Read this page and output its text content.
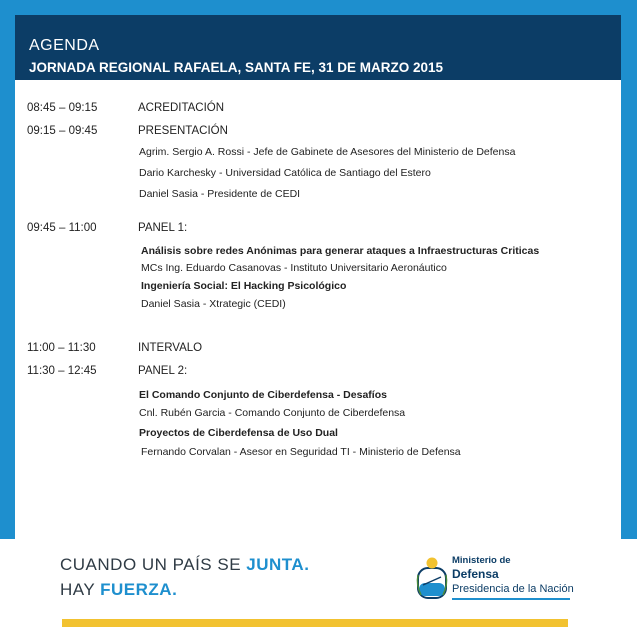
AGENDA
JORNADA REGIONAL RAFAELA, SANTA FE, 31 DE MARZO 2015
08:45 – 09:15	ACREDITACIÓN
09:15 – 09:45	PRESENTACIÓN
Agrim. Sergio A. Rossi - Jefe de Gabinete de Asesores del Ministerio de Defensa
Dario Karchesky - Universidad Católica de Santiago del Estero
Daniel Sasia - Presidente de CEDI
09:45 – 11:00	PANEL 1:
Análisis sobre redes Anónimas para generar ataques a Infraestructuras Criticas
MCs Ing. Eduardo Casanovas - Instituto Universitario Aeronáutico
Ingeniería Social: El Hacking Psicológico
Daniel Sasia - Xtrategic (CEDI)
11:00 – 11:30	INTERVALO
11:30 – 12:45	PANEL 2:
El Comando Conjunto de Ciberdefensa - Desafíos
Cnl. Rubén Garcia - Comando Conjunto de Ciberdefensa
Proyectos de Ciberdefensa de Uso Dual
Fernando Corvalan - Asesor en Seguridad TI - Ministerio de Defensa
CUANDO UN PAÍS SE JUNTA.
HAY FUERZA.
Ministerio de
Defensa
Presidencia de la Nación
